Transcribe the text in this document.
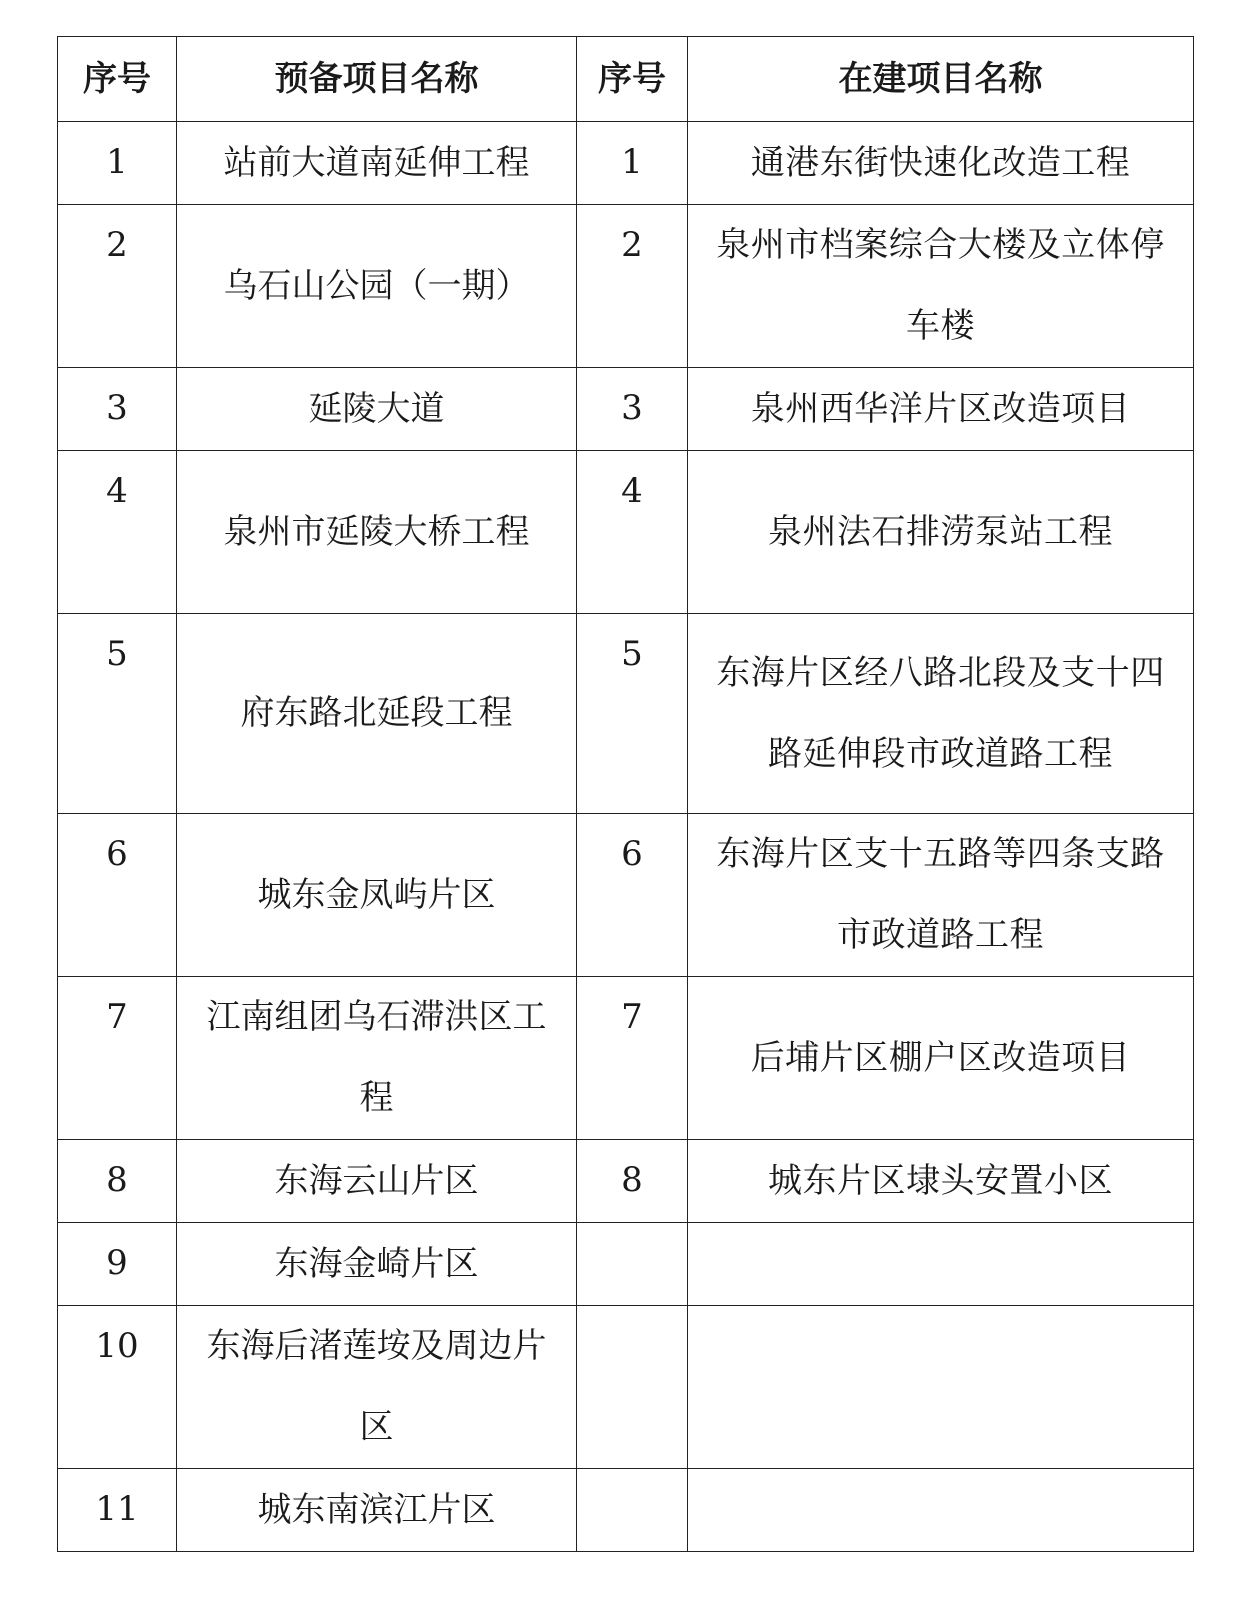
序号	预备项目名称	序号	在建项目名称
1	站前大道南延伸工程	1	通港东街快速化改造工程

2	乌石山公园（一期）	2	泉州市档案综合大楼及立体停车楼

3	延陵大道	3	泉州西华洋片区改造项目

4	泉州市延陵大桥工程	4	泉州法石排涝泵站工程

5	府东路北延段工程	5	东海片区经八路北段及支十四路延伸段市政道路工程

6	城东金凤屿片区	6	东海片区支十五路等四条支路市政道路工程

7	江南组团乌石滞洪区工程	7	后埔片区棚户区改造项目

8	东海云山片区	8	城东片区埭头安置小区

9	东海金崎片区		

10	东海后渚莲垵及周边片区		

11	城东南滨江片区		
